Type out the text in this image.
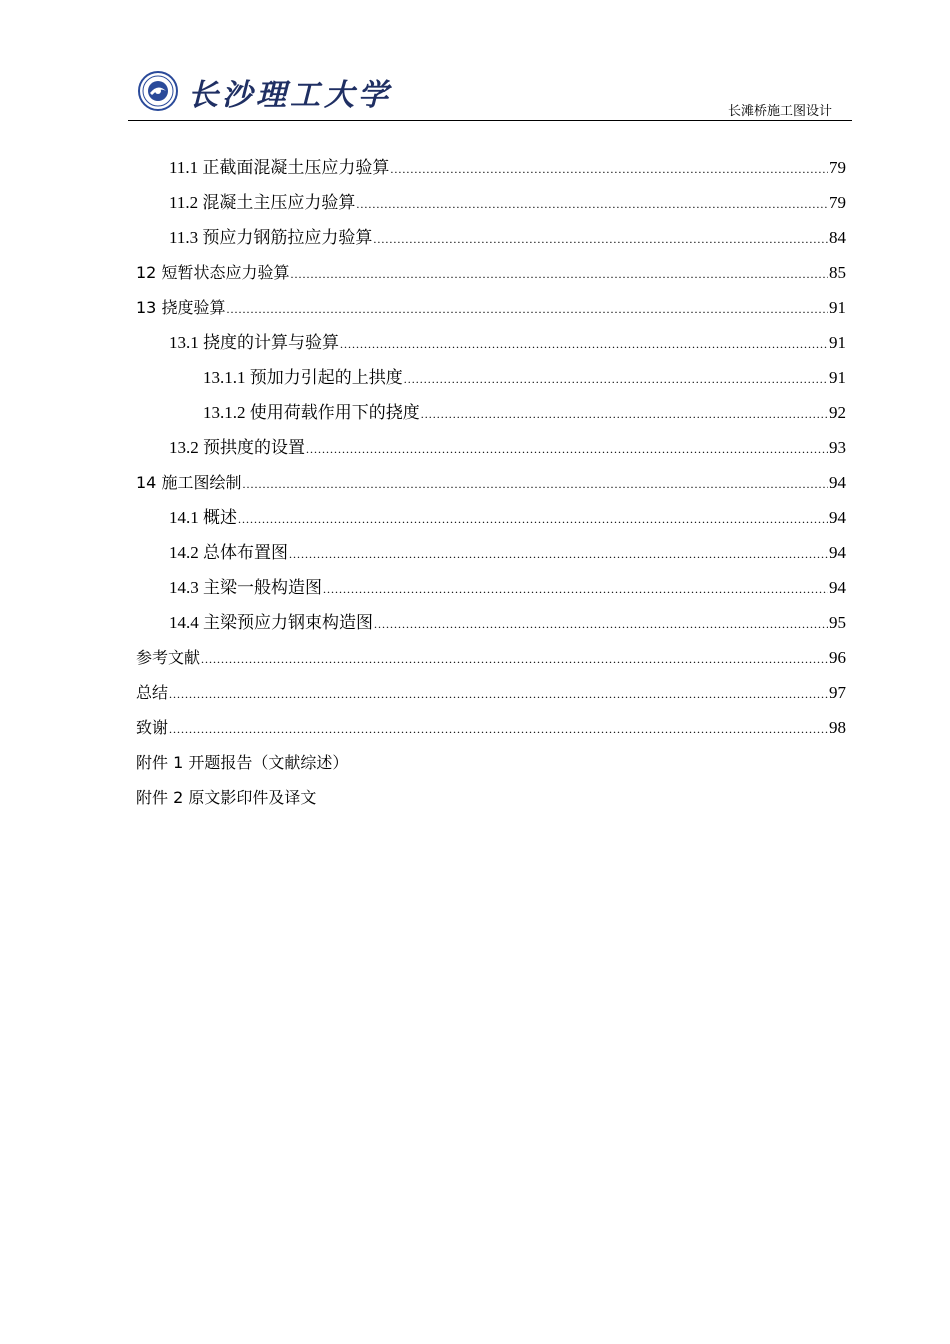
长沙理工大学	长滩桥施工图设计
11.1 正截面混凝土压应力验算 .....	79
11.2 混凝土主压应力验算 .....	79
11.3 预应力钢筋拉应力验算 .....	84
12 短暂状态应力验算 .....	85
13 挠度验算 .....	91
13.1 挠度的计算与验算 .....	91
13.1.1 预加力引起的上拱度 .....	91
13.1.2 使用荷载作用下的挠度 .....	92
13.2 预拱度的设置 .....	93
14 施工图绘制 .....	94
14.1 概述 .....	94
14.2 总体布置图 .....	94
14.3 主梁一般构造图 .....	94
14.4 主梁预应力钢束构造图 .....	95
参考文献 .....	96
总结 .....	97
致谢 .....	98
附件 1 开题报告（文献综述）
附件 2 原文影印件及译文
